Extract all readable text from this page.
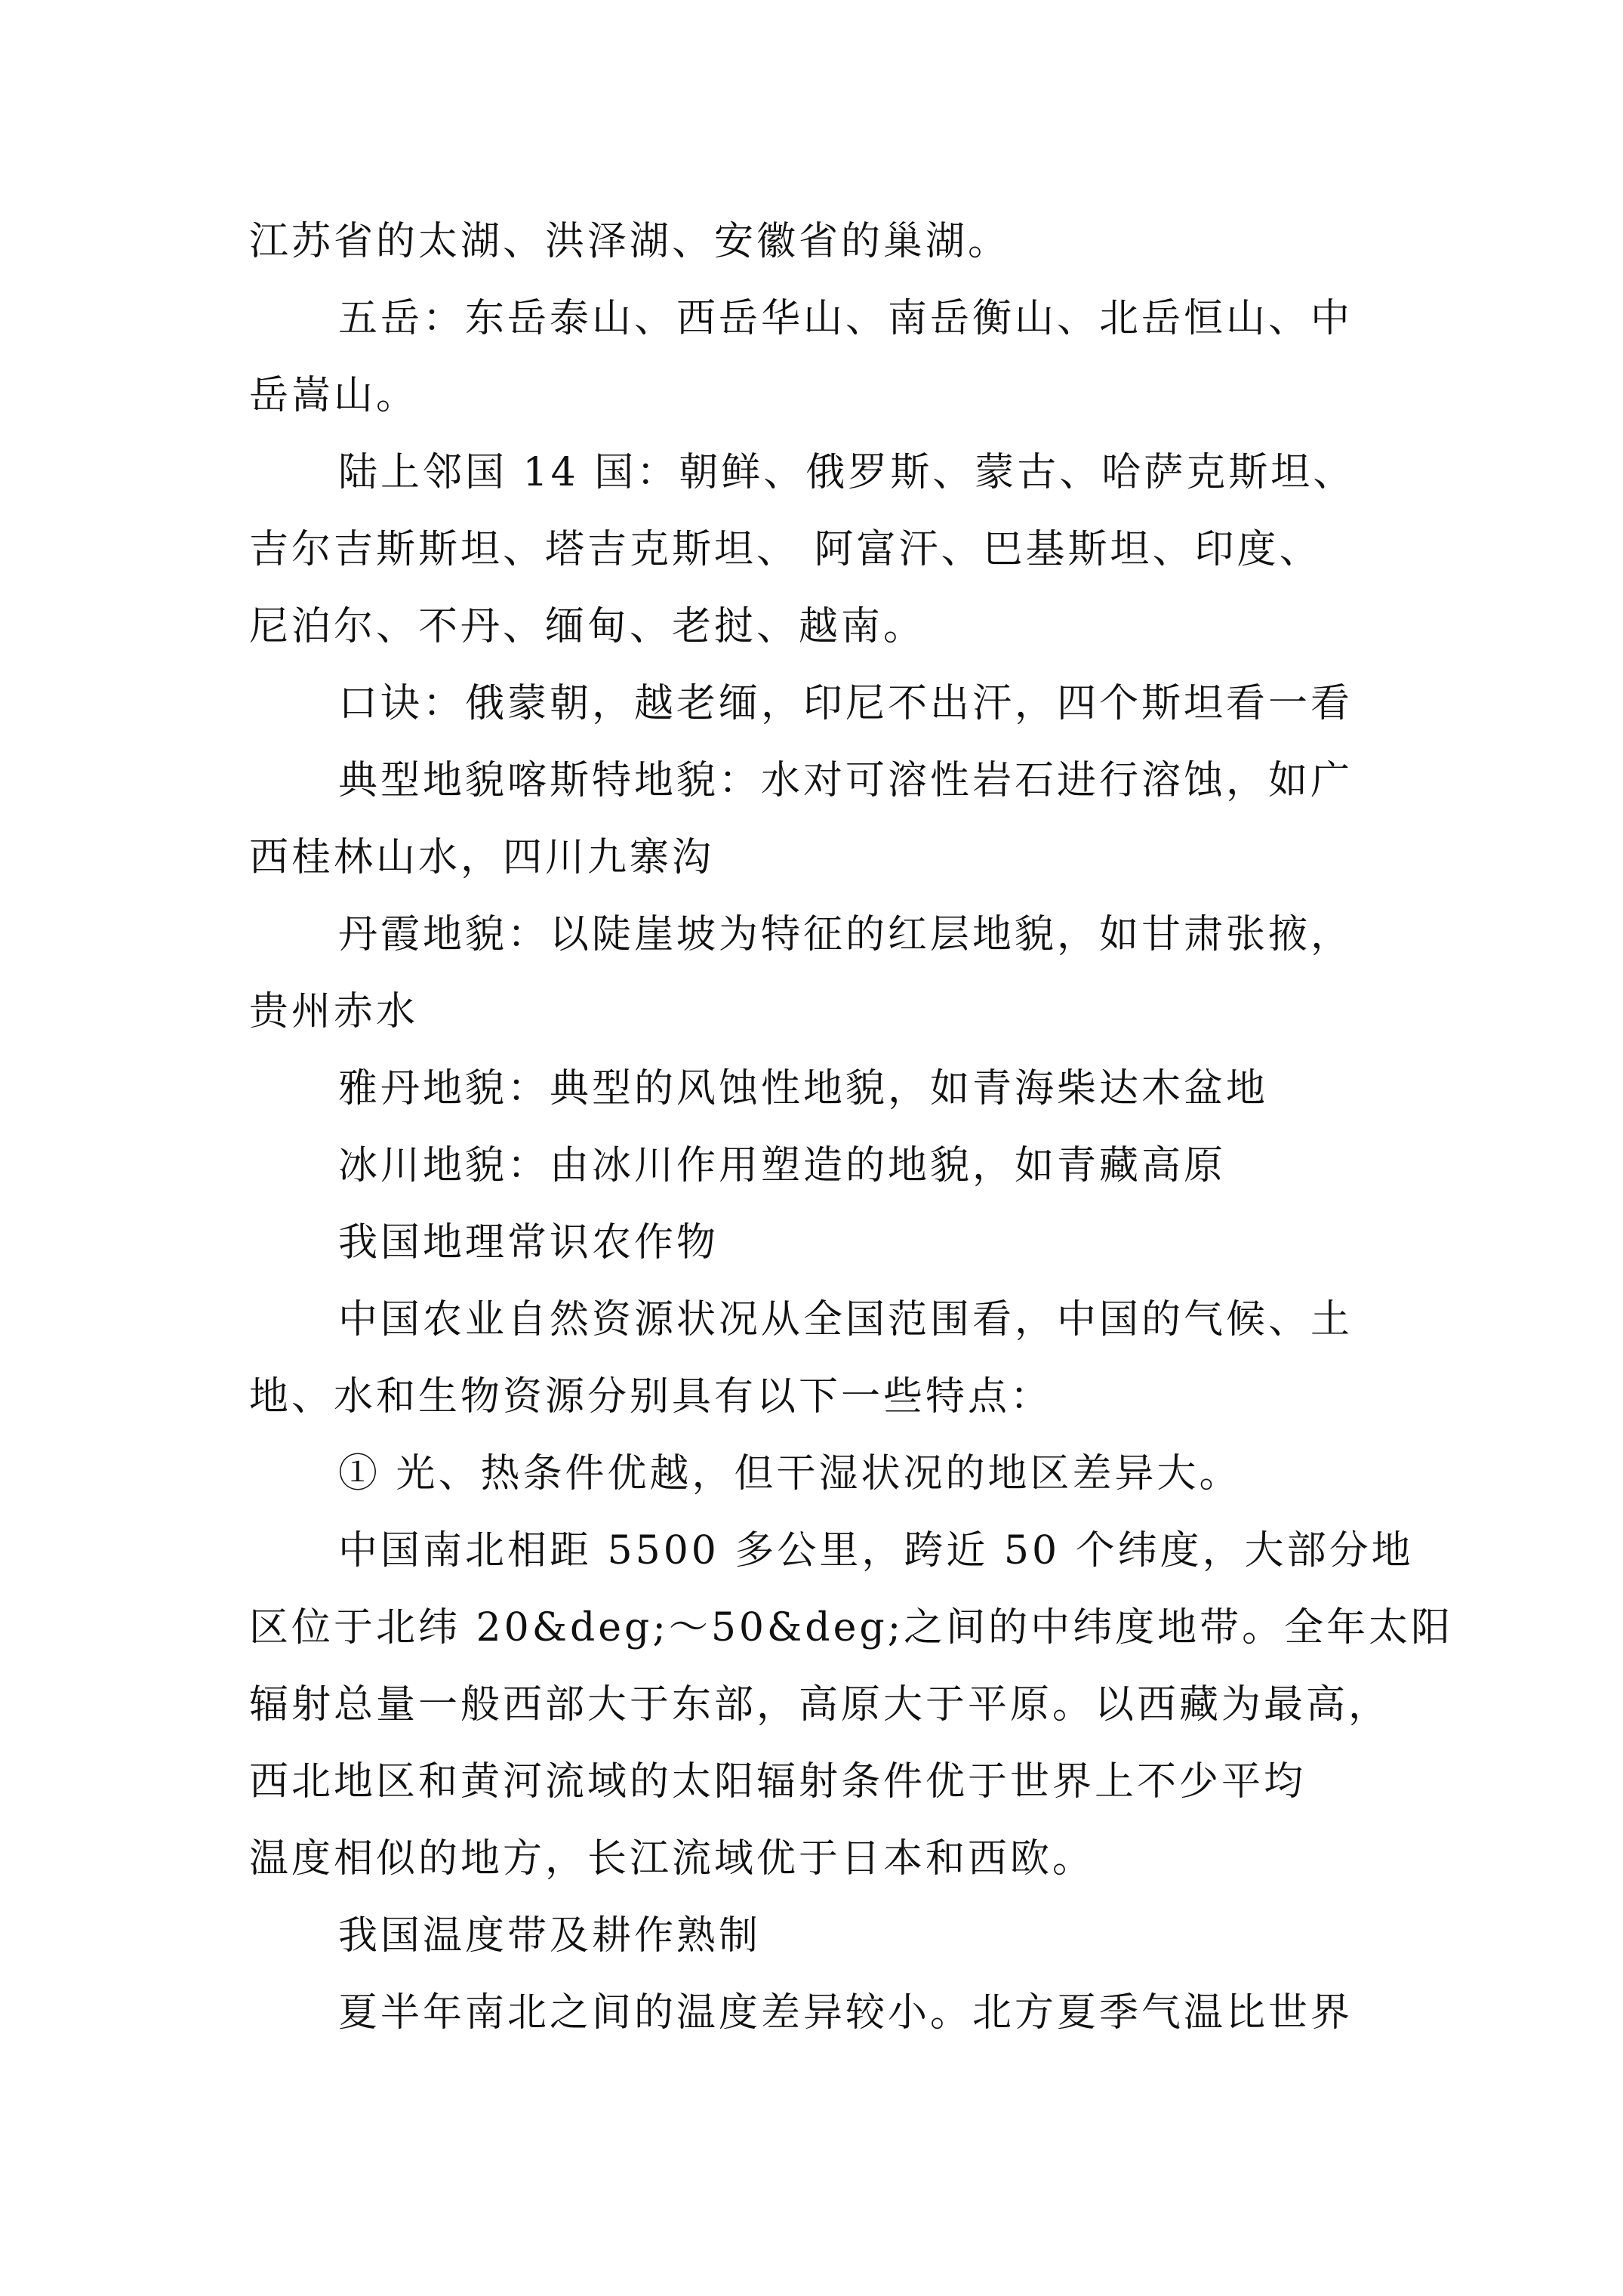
江苏省的太湖、洪泽湖、安徽省的巢湖。
五岳：东岳泰山、西岳华山、南岳衡山、北岳恒山、中
岳嵩山。
陆上邻国 14 国：朝鲜、俄罗斯、蒙古、哈萨克斯坦、
吉尔吉斯斯坦、塔吉克斯坦、 阿富汗、巴基斯坦、印度、
尼泊尔、不丹、缅甸、老挝、越南。
口诀：俄蒙朝，越老缅，印尼不出汗，四个斯坦看一看
典型地貌喀斯特地貌：水对可溶性岩石进行溶蚀，如广
西桂林山水，四川九寨沟
丹霞地貌：以陡崖坡为特征的红层地貌，如甘肃张掖，
贵州赤水
雅丹地貌：典型的风蚀性地貌，如青海柴达木盆地
冰川地貌：由冰川作用塑造的地貌，如青藏高原
我国地理常识农作物
中国农业自然资源状况从全国范围看，中国的气候、土
地、水和生物资源分别具有以下一些特点：
① 光、热条件优越，但干湿状况的地区差异大。
中国南北相距 5500 多公里，跨近 50 个纬度，大部分地
区位于北纬 20&deg;～50&deg;之间的中纬度地带。全年太阳
辐射总量一般西部大于东部，高原大于平原。以西藏为最高，
西北地区和黄河流域的太阳辐射条件优于世界上不少平均
温度相似的地方，长江流域优于日本和西欧。
我国温度带及耕作熟制
夏半年南北之间的温度差异较小。北方夏季气温比世界
